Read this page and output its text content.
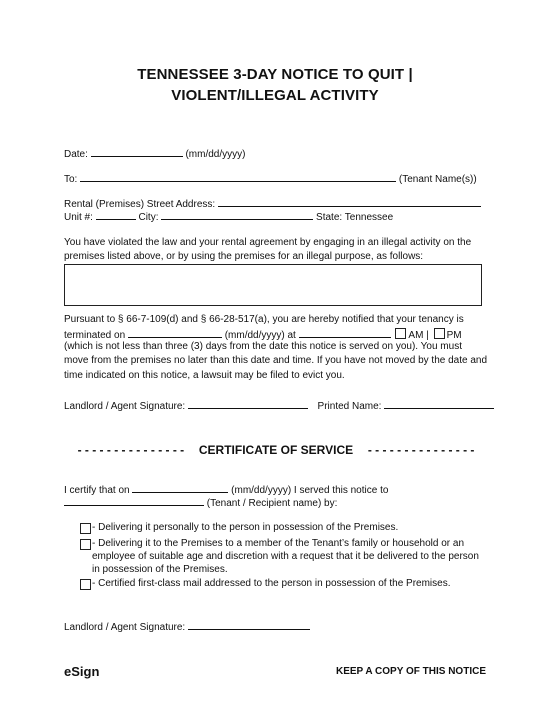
TENNESSEE 3-DAY NOTICE TO QUIT |
VIOLENT/ILLEGAL ACTIVITY
Date:	(mm/dd/yyyy)
To:	(Tenant Name(s))
Rental (Premises) Street Address:
Unit #:	City:	State: Tennessee
You have violated the law and your rental agreement by engaging in an illegal activity on the premises listed above, or by using the premises for an illegal purpose, as follows:
Pursuant to § 66-7-109(d) and § 66-28-517(a), you are hereby notified that your tenancy is
terminated on	(mm/dd/yyyy) at	AM | PM
(which is not less than three (3) days from the date this notice is served on you). You must move from the premises no later than this date and time. If you have not moved by the date and time indicated on this notice, a lawsuit may be filed to evict you.
Landlord / Agent Signature:	Printed Name:
- - - - - - - - - - - - - - - CERTIFICATE OF SERVICE - - - - - - - - - - - - - - -
I certify that on	(mm/dd/yyyy) I served this notice to
(Tenant / Recipient name) by:
- Delivering it personally to the person in possession of the Premises.
- Delivering it to the Premises to a member of the Tenant’s family or household or an employee of suitable age and discretion with a request that it be delivered to the person in possession of the Premises.
- Certified first-class mail addressed to the person in possession of the Premises.
Landlord / Agent Signature:
eSign	KEEP A COPY OF THIS NOTICE
